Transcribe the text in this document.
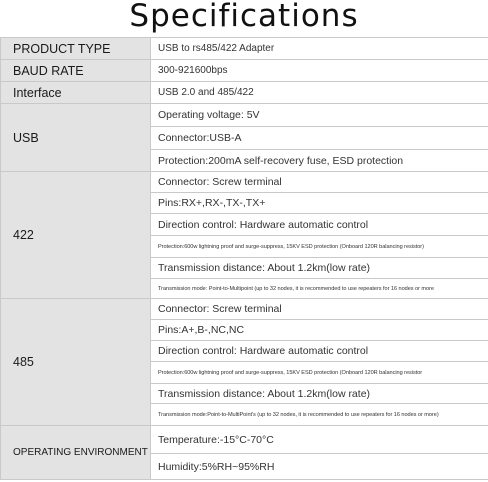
Specifications
PRODUCT TYPE	USB to rs485/422 Adapter
BAUD RATE	300-921600bps
Interface	USB 2.0 and 485/422
USB	Operating voltage: 5V
	Connector:USB-A
	Protection:200mA self-recovery fuse, ESD protection
422	Connector: Screw terminal
	Pins:RX+,RX-,TX-,TX+
	Direction control: Hardware automatic control
	Protection:600w lightning proof and surge-suppress, 15KV ESD protection (Onboard 120R balancing resistor)
	Transmission distance: About 1.2km(low rate)
	Transmission mode: Point-to-Multipoint (up to 32 nodes, it is recommended to use repeaters for 16 nodes or more
485	Connector: Screw terminal
	Pins:A+,B-,NC,NC
	Direction control: Hardware automatic control
	Protection:600w lightning proof and surge-suppress, 15KV ESD protection (Onboard 120R balancing resistor
	Transmission distance: About 1.2km(low rate)
	Transmission mode:Point-to-MultiPoint's (up to 32 nodes, it is recommended to use repeaters for 16 nodes or more)
OPERATING ENVIRONMENT	Temperature:-15°C-70°C
	Humidity:5%RH~95%RH
